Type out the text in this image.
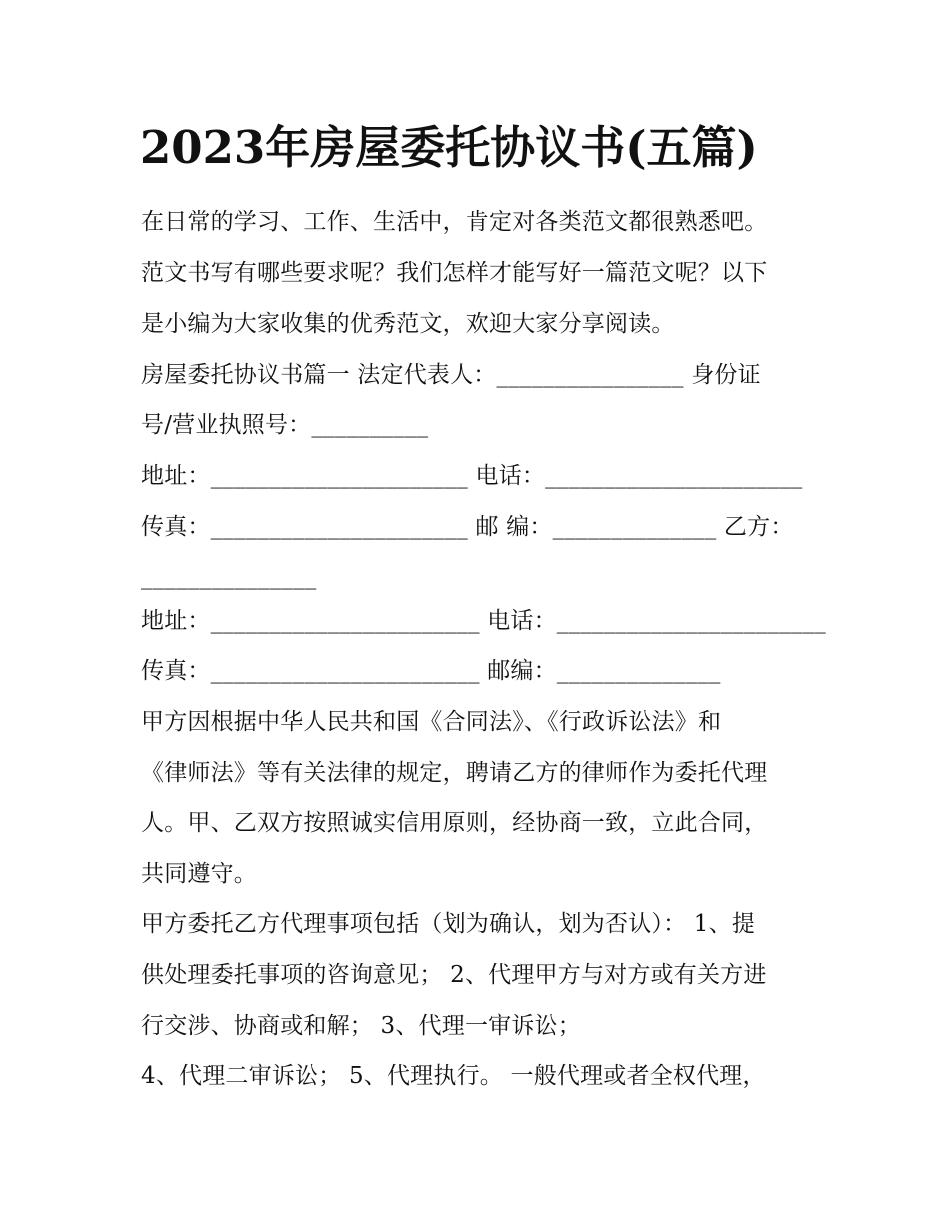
2023年房屋委托协议书(五篇)

在日常的学习、工作、生活中，肯定对各类范文都很熟悉吧。

范文书写有哪些要求呢？我们怎样才能写好一篇范文呢？以下

是小编为大家收集的优秀范文，欢迎大家分享阅读。

房屋委托协议书篇一 法定代表人：________________ 身份证

号/营业执照号：__________

地址：______________________ 电话：______________________

传真：______________________ 邮 编：______________ 乙方：

_______________

地址：_______________________ 电话：_______________________

传真：_______________________ 邮编：______________

甲方因根据中华人民共和国《合同法》、《行政诉讼法》和

《律师法》等有关法律的规定，聘请乙方的律师作为委托代理

人。甲、乙双方按照诚实信用原则，经协商一致，立此合同，

共同遵守。

甲方委托乙方代理事项包括（划为确认，划为否认）： 1、提

供处理委托事项的咨询意见； 2、代理甲方与对方或有关方进

行交涉、协商或和解； 3、代理一审诉讼；

4、代理二审诉讼； 5、代理执行。 一般代理或者全权代理，
